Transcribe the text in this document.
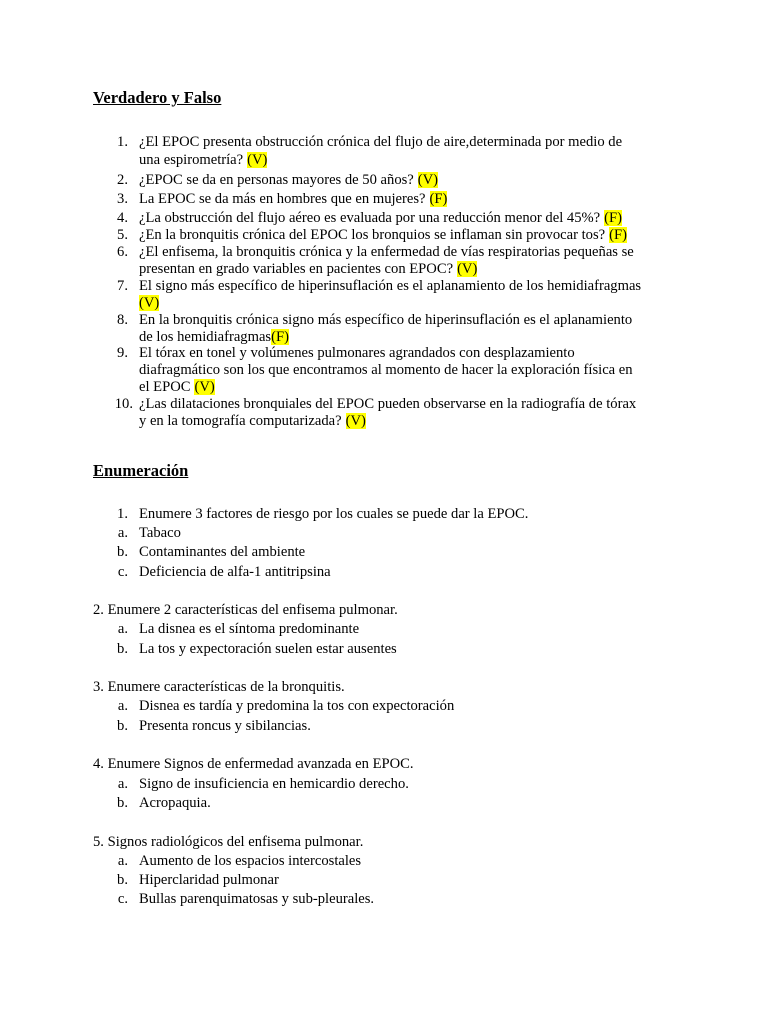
Verdadero y Falso
1. ¿El EPOC presenta obstrucción crónica del flujo de aire,determinada por medio de
una espirometría? (V)
2. ¿EPOC se da en personas mayores de 50 años? (V)
3. La EPOC se da más en hombres que en mujeres? (F)
4. ¿La obstrucción del flujo aéreo es evaluada por una reducción menor del 45%? (F)
5. ¿En la bronquitis crónica del EPOC los bronquios se inflaman sin provocar tos? (F)
6. ¿El enfisema, la bronquitis crónica y la enfermedad de vías respiratorias pequeñas se
presentan en grado variables en pacientes con EPOC? (V)
7. El signo más específico de hiperinsuflación es el aplanamiento de los hemidiafragmas
(V)
8. En la bronquitis crónica signo más específico de hiperinsuflación es el aplanamiento
de los hemidiafragmas(F)
9. El tórax en tonel y volúmenes pulmonares agrandados con desplazamiento
diafragmático son los que encontramos al momento de hacer la exploración física en
el EPOC (V)
10. ¿Las dilataciones bronquiales del EPOC pueden observarse en la radiografía de tórax
y en la tomografía computarizada? (V)
Enumeración
1. Enumere 3 factores de riesgo por los cuales se puede dar la EPOC.
a. Tabaco
b. Contaminantes del ambiente
c. Deficiencia de alfa-1 antitripsina
2. Enumere 2 características del enfisema pulmonar.
a. La disnea es el síntoma predominante
b. La tos y expectoración suelen estar ausentes
3. Enumere características de la bronquitis.
a. Disnea es tardía y predomina la tos con expectoración
b. Presenta roncus y sibilancias.
4. Enumere Signos de enfermedad avanzada en EPOC.
a. Signo de insuficiencia en hemicardio derecho.
b. Acropaquia.
5. Signos radiológicos del enfisema pulmonar.
a. Aumento de los espacios intercostales
b. Hiperclaridad pulmonar
c. Bullas parenquimatosas y sub-pleurales.
